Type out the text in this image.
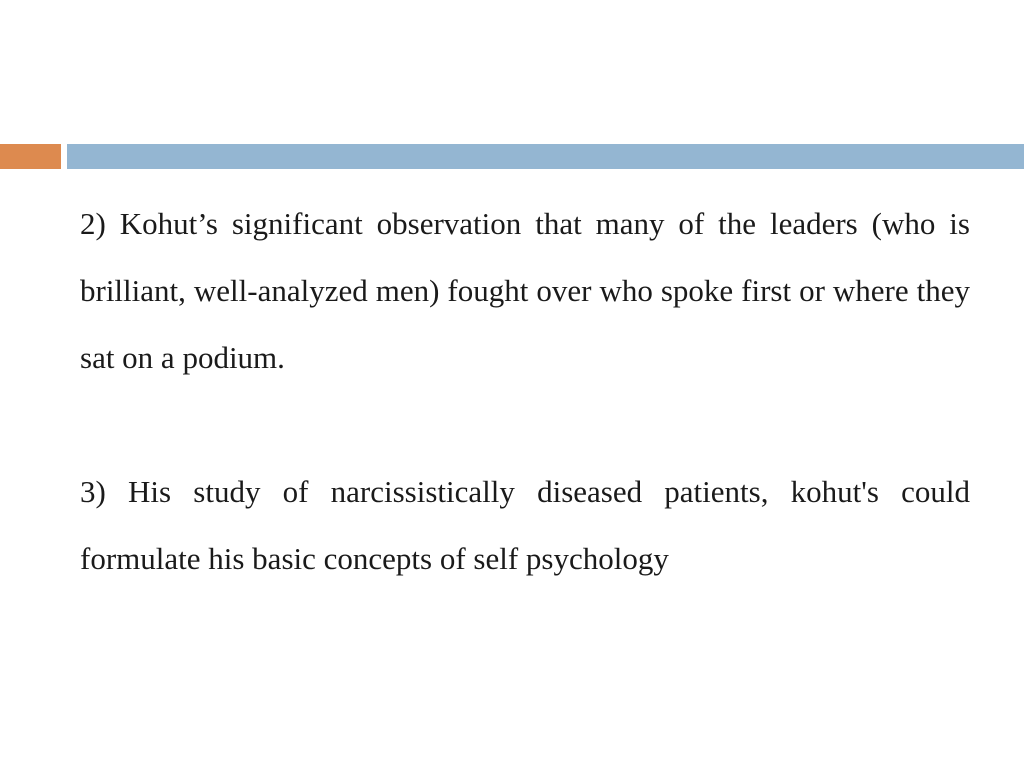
2) Kohut’s significant observation that many of the leaders (who is brilliant, well-analyzed men) fought over who spoke first or where they sat on a podium.

3) His study of narcissistically diseased patients, kohut's could formulate his basic concepts of self psychology
